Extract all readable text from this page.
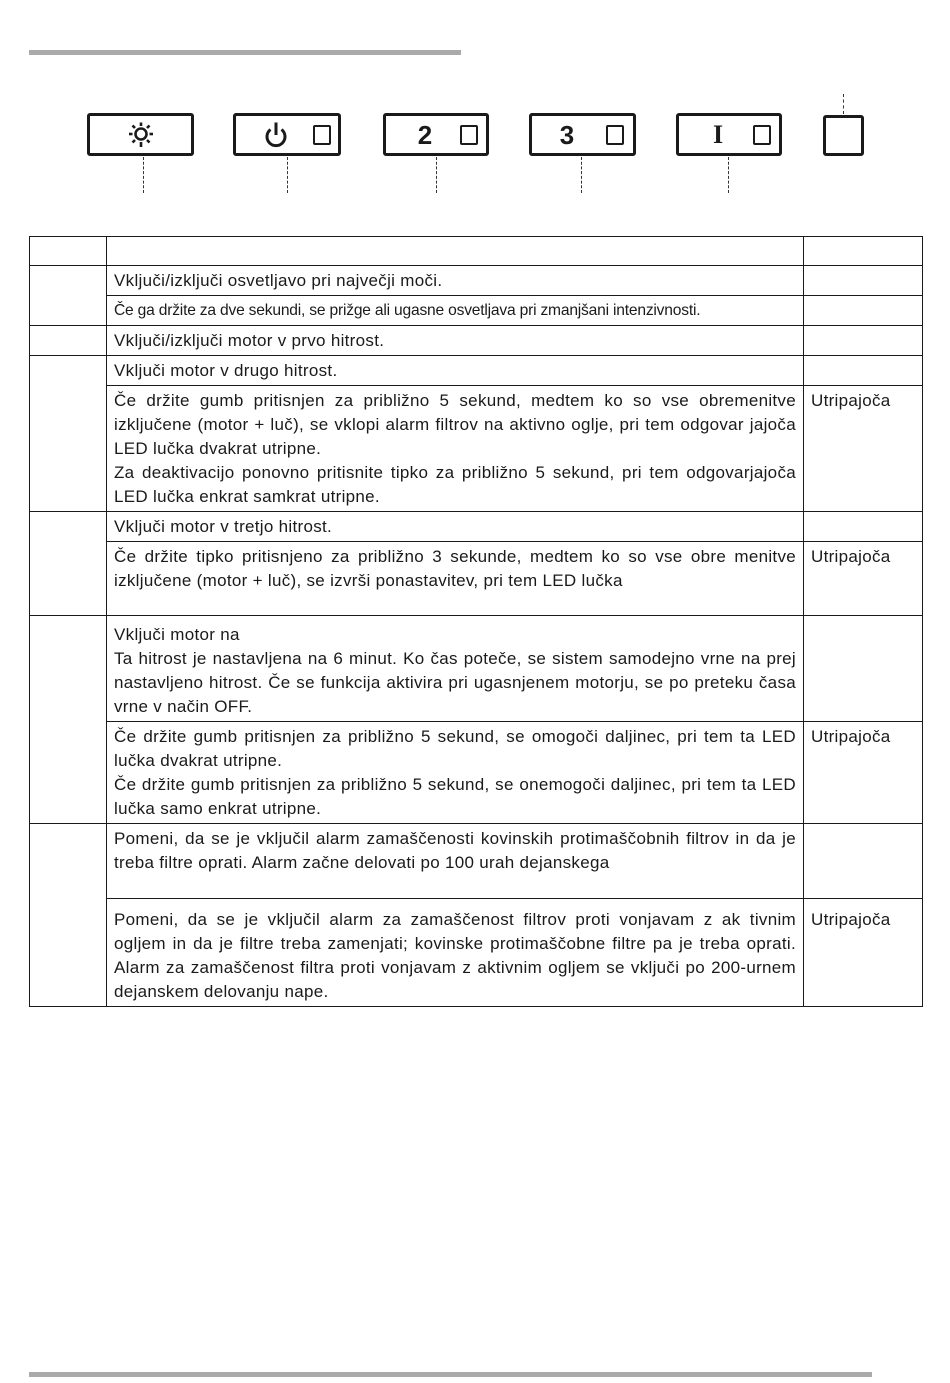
2	3	I

	Vključi/izključi osvetljavo pri največji moči.	
	Če ga držite za dve sekundi, se prižge ali ugasne osvetljava pri zmanjšani intenzivnosti.	
	Vključi/izključi motor v prvo hitrost.	
	Vključi motor v drugo hitrost.	

	Če držite gumb pritisnjen za približno 5 sekund, medtem ko so vse obremenitve izključene (motor + luč), se vklopi alarm filtrov na aktivno oglje, pri tem odgovar jajoča LED lučka dvakrat utripne.
Za deaktivacijo ponovno pritisnite tipko za približno 5 sekund, pri tem odgovarjajoča LED lučka enkrat samkrat utripne.	Utripajoča
	Vključi motor v tretjo hitrost.	
	Če držite tipko pritisnjeno za približno 3 sekunde, medtem ko so vse obre menitve izključene (motor + luč), se izvrši ponastavitev, pri tem LED lučka	Utripajoča

	Vključi motor na
Ta hitrost je nastavljena na 6 minut. Ko čas poteče, se sistem samodejno vrne na prej nastavljeno hitrost. Če se funkcija aktivira pri ugasnjenem motorju, se po preteku časa vrne v način OFF.	

	Če držite gumb pritisnjen za približno 5 sekund, se omogoči daljinec, pri tem ta LED lučka dvakrat utripne.
Če držite gumb pritisnjen za približno 5 sekund, se onemogoči daljinec, pri tem ta LED lučka samo enkrat utripne.	Utripajoča
	Pomeni, da se je vključil alarm zamaščenosti kovinskih protimaščobnih filtrov in da je treba filtre oprati. Alarm začne delovati po 100 urah dejanskega	
	Pomeni, da se je vključil alarm za zamaščenost filtrov proti vonjavam z ak tivnim ogljem in da je filtre treba zamenjati; kovinske protimaščobne filtre pa je treba oprati. Alarm za zamaščenost filtra proti vonjavam z aktivnim ogljem se vključi po 200-urnem dejanskem delovanju nape.	Utripajoča
